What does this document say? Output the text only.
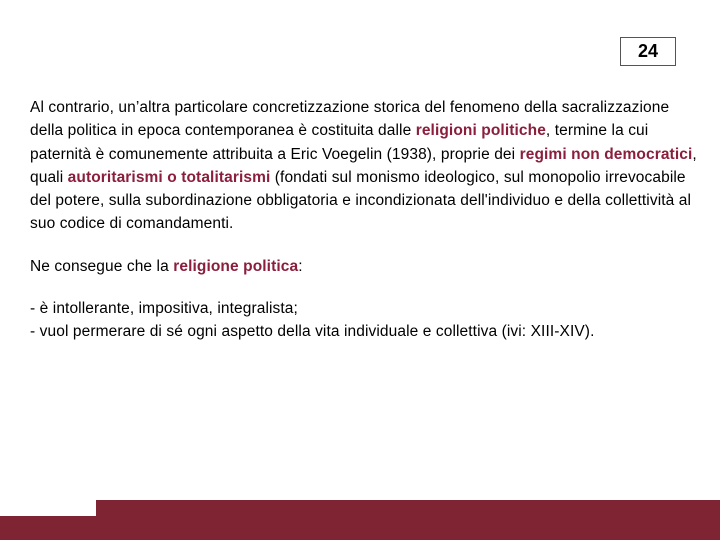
24

Al contrario, un’altra particolare concretizzazione storica del fenomeno della sacralizzazione della politica in epoca contemporanea è costituita dalle religioni politiche, termine la cui paternità è comunemente attribuita a Eric Voegelin (1938), proprie dei regimi non democratici, quali autoritarismi o totalitarismi (fondati sul monismo ideologico, sul monopolio irrevocabile del potere, sulla subordinazione obbligatoria e incondizionata dell'individuo e della collettività al suo codice di comandamenti.

Ne consegue che la religione politica:

- è intollerante, impositiva, integralista;
- vuol permerare di sé ogni aspetto della vita individuale e collettiva (ivi: XIII-XIV).
